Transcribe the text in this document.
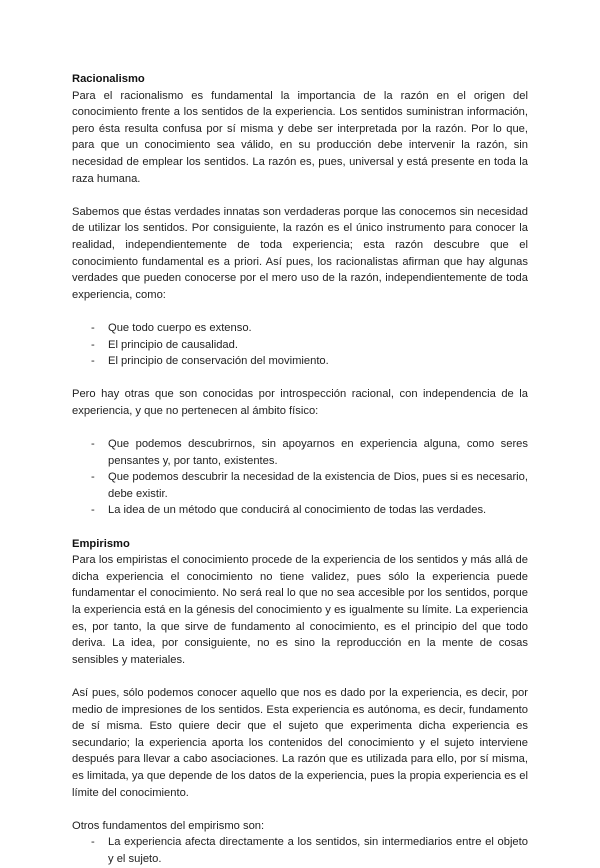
Racionalismo

Para el racionalismo es fundamental la importancia de la razón en el origen del conocimiento frente a los sentidos de la experiencia. Los sentidos suministran información, pero ésta resulta confusa por sí misma y debe ser interpretada por la razón. Por lo que, para que un conocimiento sea válido, en su producción debe intervenir la razón, sin necesidad de emplear los sentidos. La razón es, pues, universal y está presente en toda la raza humana.

Sabemos que éstas verdades innatas son verdaderas porque las conocemos sin necesidad de utilizar los sentidos. Por consiguiente, la razón es el único instrumento para conocer la realidad, independientemente de toda experiencia; esta razón descubre que el conocimiento fundamental es a priori. Así pues, los racionalistas afirman que hay algunas verdades que pueden conocerse por el mero uso de la razón, independientemente de toda experiencia, como:

- Que todo cuerpo es extenso.
- El principio de causalidad.
- El principio de conservación del movimiento.

Pero hay otras que son conocidas por introspección racional, con independencia de la experiencia, y que no pertenecen al ámbito físico:

- Que podemos descubrirnos, sin apoyarnos en experiencia alguna, como seres pensantes y, por tanto, existentes.
- Que podemos descubrir la necesidad de la existencia de Dios, pues si es necesario, debe existir.
- La idea de un método que conducirá al conocimiento de todas las verdades.
Empirismo

Para los empiristas el conocimiento procede de la experiencia de los sentidos y más allá de dicha experiencia el conocimiento no tiene validez, pues sólo la experiencia puede fundamentar el conocimiento. No será real lo que no sea accesible por los sentidos, porque la experiencia está en la génesis del conocimiento y es igualmente su límite. La experiencia es, por tanto, la que sirve de fundamento al conocimiento, es el principio del que todo deriva. La idea, por consiguiente, no es sino la reproducción en la mente de cosas sensibles y materiales.

Así pues, sólo podemos conocer aquello que nos es dado por la experiencia, es decir, por medio de impresiones de los sentidos. Esta experiencia es autónoma, es decir, fundamento de sí misma. Esto quiere decir que el sujeto que experimenta dicha experiencia es secundario; la experiencia aporta los contenidos del conocimiento y el sujeto interviene después para llevar a cabo asociaciones. La razón que es utilizada para ello, por sí misma, es limitada, ya que depende de los datos de la experiencia, pues la propia experiencia es el límite del conocimiento.

Otros fundamentos del empirismo son:

- La experiencia afecta directamente a los sentidos, sin intermediarios entre el objeto y el sujeto.
